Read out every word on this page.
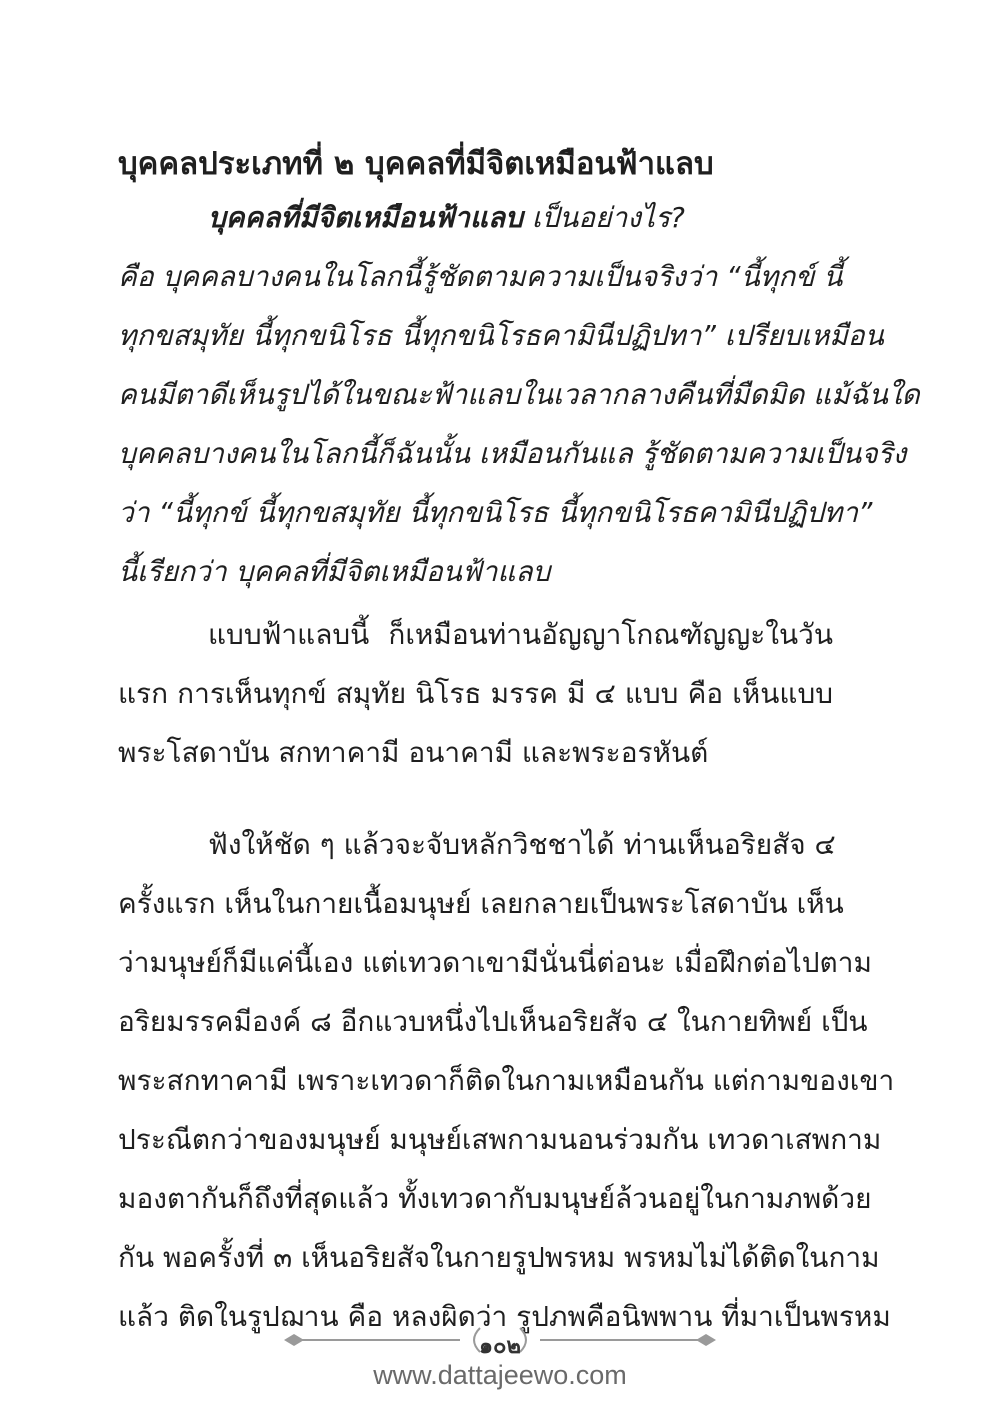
บุคคลประเภทที่ ๒ บุคคลที่มีจิตเหมือนฟ้าแลบ
บุคคลที่มีจิตเหมือนฟ้าแลบ เป็นอย่างไร?
คือ บุคคลบางคนในโลกนี้รู้ชัดตามความเป็นจริงว่า “นี้ทุกข์ นี้
ทุกขสมุทัย นี้ทุกขนิโรธ นี้ทุกขนิโรธคามินีปฏิปทา” เปรียบเหมือน
คนมีตาดีเห็นรูปได้ในขณะฟ้าแลบในเวลากลางคืนที่มืดมิด แม้ฉันใด
บุคคลบางคนในโลกนี้ก็ฉันนั้น เหมือนกันแล รู้ชัดตามความเป็นจริง
ว่า “นี้ทุกข์ นี้ทุกขสมุทัย นี้ทุกขนิโรธ นี้ทุกขนิโรธคามินีปฏิปทา”
นี้เรียกว่า บุคคลที่มีจิตเหมือนฟ้าแลบ
แบบฟ้าแลบนี้ ก็เหมือนท่านอัญญาโกณฑัญญะในวัน
แรก การเห็นทุกข์ สมุทัย นิโรธ มรรค มี ๔ แบบ คือ เห็นแบบ
พระโสดาบัน สกทาคามี อนาคามี และพระอรหันต์
ฟังให้ชัด ๆ แล้วจะจับหลักวิชชาได้ ท่านเห็นอริยสัจ ๔
ครั้งแรก เห็นในกายเนื้อมนุษย์ เลยกลายเป็นพระโสดาบัน เห็น
ว่ามนุษย์ก็มีแค่นี้เอง แต่เทวดาเขามีนั่นนี่ต่อนะ เมื่อฝึกต่อไปตาม
อริยมรรคมีองค์ ๘ อีกแวบหนึ่งไปเห็นอริยสัจ ๔ ในกายทิพย์ เป็น
พระสกทาคามี เพราะเทวดาก็ติดในกามเหมือนกัน แต่กามของเขา
ประณีตกว่าของมนุษย์ มนุษย์เสพกามนอนร่วมกัน เทวดาเสพกาม
มองตากันก็ถึงที่สุดแล้ว ทั้งเทวดากับมนุษย์ล้วนอยู่ในกามภพด้วย
กัน พอครั้งที่ ๓ เห็นอริยสัจในกายรูปพรหม พรหมไม่ได้ติดในกาม
แล้ว ติดในรูปฌาน คือ หลงผิดว่า รูปภพคือนิพพาน ที่มาเป็นพรหม
๑๐๒
www.dattajeewo.com
